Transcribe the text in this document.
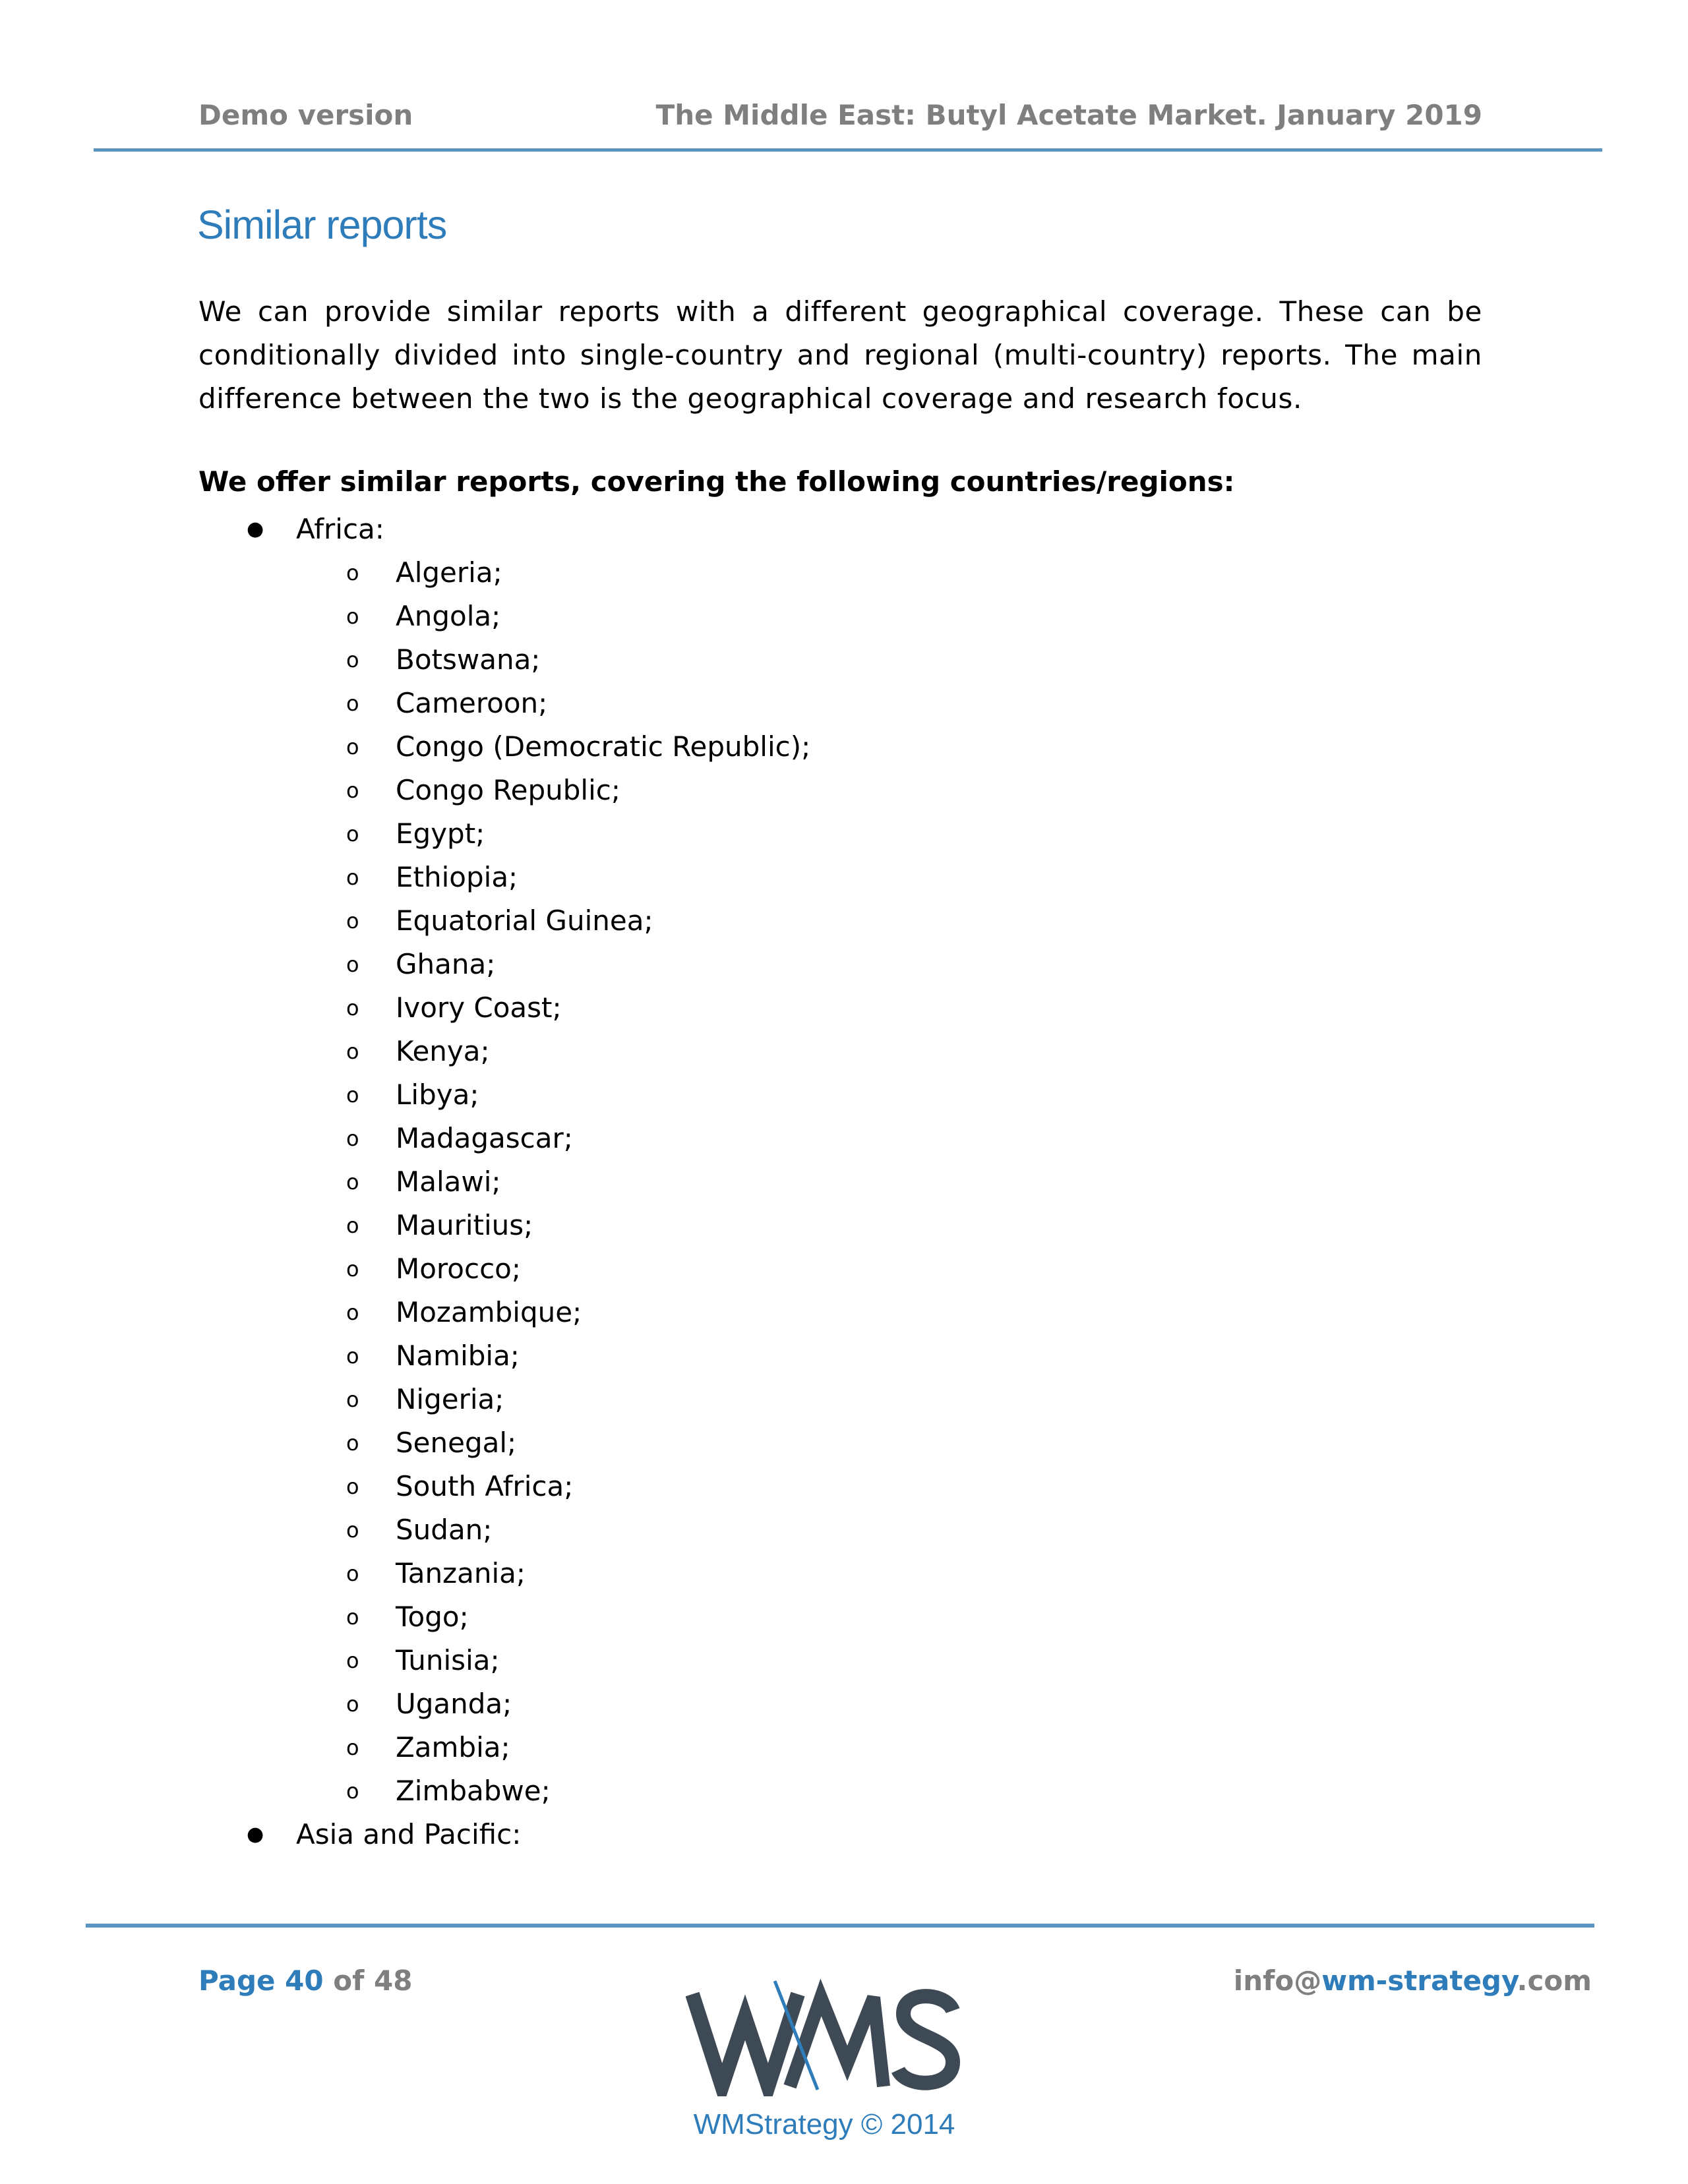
Demo version	The Middle East: Butyl Acetate Market. January 2019
Similar reports
We can provide similar reports with a different geographical coverage. These can be conditionally divided into single-country and regional (multi-country) reports. The main difference between the two is the geographical coverage and research focus.
We offer similar reports, covering the following countries/regions:
● Africa:
o Algeria;
o Angola;
o Botswana;
o Cameroon;
o Congo (Democratic Republic);
o Congo Republic;
o Egypt;
o Ethiopia;
o Equatorial Guinea;
o Ghana;
o Ivory Coast;
o Kenya;
o Libya;
o Madagascar;
o Malawi;
o Mauritius;
o Morocco;
o Mozambique;
o Namibia;
o Nigeria;
o Senegal;
o South Africa;
o Sudan;
o Tanzania;
o Togo;
o Tunisia;
o Uganda;
o Zambia;
o Zimbabwe;
● Asia and Pacific:
Page 40 of 48	info@wm-strategy.com
WMStrategy © 2014
